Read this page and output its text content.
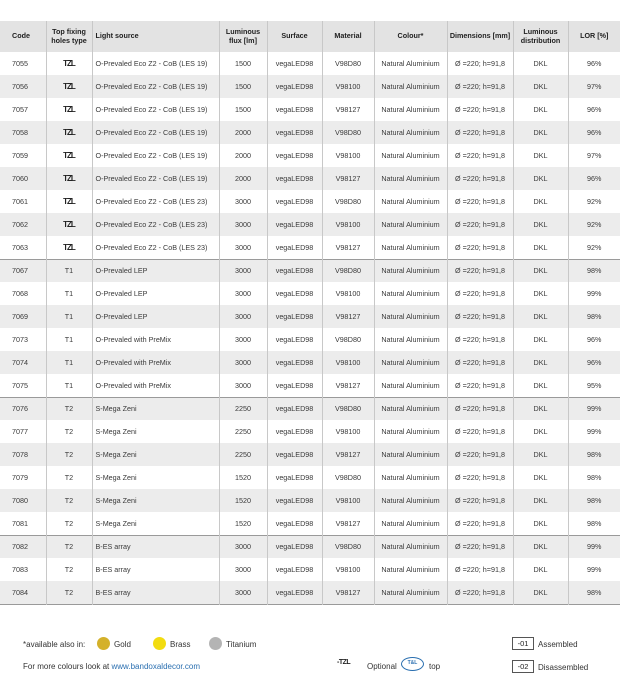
Code	Top fixing holes type	Light source	Luminous flux [lm]	Surface	Material	Colour*	Dimensions [mm]	Luminous distribution	LOR [%]
7055	TZL	O-Prevaled Eco Z2 - CoB (LES 19)	1500	vegaLED98	V98D80	Natural Aluminium	Ø =220; h=91,8	DKL	96%
7056	TZL	O-Prevaled Eco Z2 - CoB (LES 19)	1500	vegaLED98	V98100	Natural Aluminium	Ø =220; h=91,8	DKL	97%
7057	TZL	O-Prevaled Eco Z2 - CoB (LES 19)	1500	vegaLED98	V98127	Natural Aluminium	Ø =220; h=91,8	DKL	96%
7058	TZL	O-Prevaled Eco Z2 - CoB (LES 19)	2000	vegaLED98	V98D80	Natural Aluminium	Ø =220; h=91,8	DKL	96%
7059	TZL	O-Prevaled Eco Z2 - CoB (LES 19)	2000	vegaLED98	V98100	Natural Aluminium	Ø =220; h=91,8	DKL	97%
7060	TZL	O-Prevaled Eco Z2 - CoB (LES 19)	2000	vegaLED98	V98127	Natural Aluminium	Ø =220; h=91,8	DKL	96%
7061	TZL	O-Prevaled Eco Z2 - CoB (LES 23)	3000	vegaLED98	V98D80	Natural Aluminium	Ø =220; h=91,8	DKL	92%
7062	TZL	O-Prevaled Eco Z2 - CoB (LES 23)	3000	vegaLED98	V98100	Natural Aluminium	Ø =220; h=91,8	DKL	92%
7063	TZL	O-Prevaled Eco Z2 - CoB (LES 23)	3000	vegaLED98	V98127	Natural Aluminium	Ø =220; h=91,8	DKL	92%
7067	T1	O-Prevaled LEP	3000	vegaLED98	V98D80	Natural Aluminium	Ø =220; h=91,8	DKL	98%
7068	T1	O-Prevaled LEP	3000	vegaLED98	V98100	Natural Aluminium	Ø =220; h=91,8	DKL	99%
7069	T1	O-Prevaled LEP	3000	vegaLED98	V98127	Natural Aluminium	Ø =220; h=91,8	DKL	98%
7073	T1	O-Prevaled with PreMix	3000	vegaLED98	V98D80	Natural Aluminium	Ø =220; h=91,8	DKL	96%
7074	T1	O-Prevaled with PreMix	3000	vegaLED98	V98100	Natural Aluminium	Ø =220; h=91,8	DKL	96%
7075	T1	O-Prevaled with PreMix	3000	vegaLED98	V98127	Natural Aluminium	Ø =220; h=91,8	DKL	95%
7076	T2	S-Mega Zeni	2250	vegaLED98	V98D80	Natural Aluminium	Ø =220; h=91,8	DKL	99%
7077	T2	S-Mega Zeni	2250	vegaLED98	V98100	Natural Aluminium	Ø =220; h=91,8	DKL	99%
7078	T2	S-Mega Zeni	2250	vegaLED98	V98127	Natural Aluminium	Ø =220; h=91,8	DKL	98%
7079	T2	S-Mega Zeni	1520	vegaLED98	V98D80	Natural Aluminium	Ø =220; h=91,8	DKL	98%
7080	T2	S-Mega Zeni	1520	vegaLED98	V98100	Natural Aluminium	Ø =220; h=91,8	DKL	98%
7081	T2	S-Mega Zeni	1520	vegaLED98	V98127	Natural Aluminium	Ø =220; h=91,8	DKL	98%
7082	T2	B-ES array	3000	vegaLED98	V98D80	Natural Aluminium	Ø =220; h=91,8	DKL	99%
7083	T2	B-ES array	3000	vegaLED98	V98100	Natural Aluminium	Ø =220; h=91,8	DKL	99%
7084	T2	B-ES array	3000	vegaLED98	V98127	Natural Aluminium	Ø =220; h=91,8	DKL	98%
*available also in:	Gold	Brass	Titanium
For more colours look at www.bandoxaldecor.com	-TZL Optional	T&L	top
-01	Assembled
-02	Disassembled
